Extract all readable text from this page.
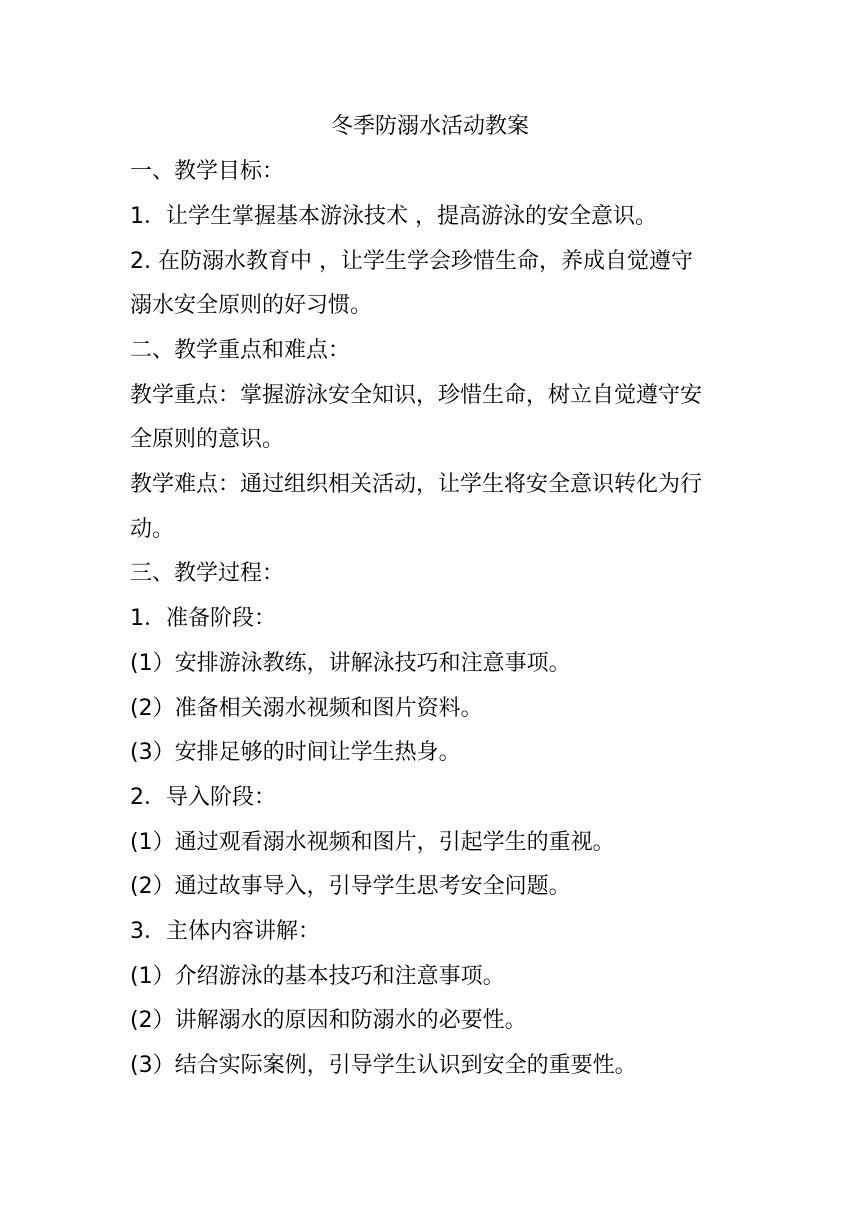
冬季防溺水活动教案
一、教学目标：
1．让学生掌握基本游泳技术 ，提高游泳的安全意识。
2. 在防溺水教育中 ，让学生学会珍惜生命，养成自觉遵守
溺水安全原则的好习惯。
二、教学重点和难点：
教学重点：掌握游泳安全知识，珍惜生命，树立自觉遵守安
全原则的意识。
教学难点：通过组织相关活动，让学生将安全意识转化为行
动。
三、教学过程：
1．准备阶段：
(1）安排游泳教练，讲解泳技巧和注意事项。
(2）准备相关溺水视频和图片资料。
(3）安排足够的时间让学生热身。
2．导入阶段：
(1）通过观看溺水视频和图片，引起学生的重视。
(2）通过故事导入，引导学生思考安全问题。
3．主体内容讲解：
(1）介绍游泳的基本技巧和注意事项。
(2）讲解溺水的原因和防溺水的必要性。
(3）结合实际案例，引导学生认识到安全的重要性。
